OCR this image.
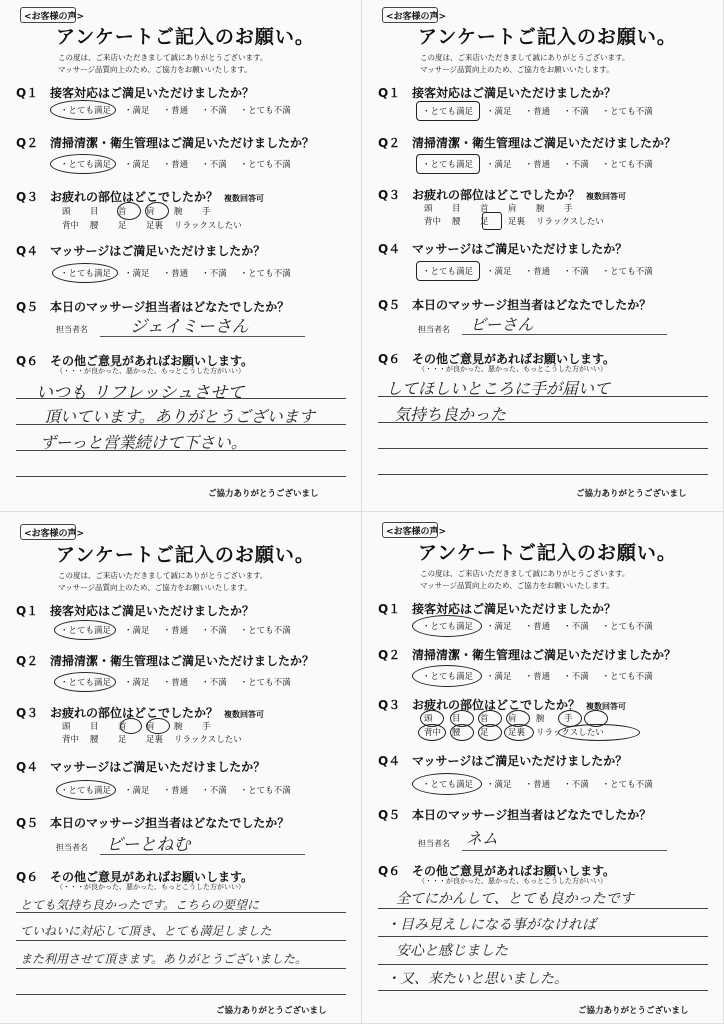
<お客様の声>
アンケートご記入のお願い。
この度は、ご来店いただきまして誠にありがとうございます。
マッサージ品質向上のため、ご協力をお願いいたします。
Q１ 接客対応はご満足いただけましたか？
・ とても満足	・ 満足	・ 普通	・ 不満	・ とても不満
Q２ 清掃清潔・衛生管理はご満足いただけましたか？
・ とても満足	・ 満足	・ 普通	・ 不満	・ とても不満
Q３ お疲れの部位はどこでしたか？ 複数回答可
頭 目 首 肩 腕 手
背中 腰 足 足裏 リラックスしたい
Q４ マッサージはご満足いただけましたか？
・ とても満足	・ 満足	・ 普通	・ 不満	・ とても不満
Q５ 本日のマッサージ担当者はどなたでしたか？
担当者名 ジェイミーさん
Q６ その他ご意見があればお願いします。
（・・・が良かった、悪かった、もっとこうした方がいい）
いつも リフレッシュさせて
頂いています。ありがとうございます
ずーっと営業続けて下さい。
ご協力ありがとうございまし
<お客様の声>
アンケートご記入のお願い。
この度は、ご来店いただきまして誠にありがとうございます。
マッサージ品質向上のため、ご協力をお願いいたします。
Q１ 接客対応はご満足いただけましたか？
・ とても満足	・ 満足	・ 普通	・ 不満	・ とても不満
Q２ 清掃清潔・衛生管理はご満足いただけましたか？
・ とても満足	・ 満足	・ 普通	・ 不満	・ とても不満
Q３ お疲れの部位はどこでしたか？ 複数回答可
頭 目 首 肩 腕 手
背中 腰 足 足裏 リラックスしたい
Q４ マッサージはご満足いただけましたか？
・ とても満足	・ 満足	・ 普通	・ 不満	・ とても不満
Q５ 本日のマッサージ担当者はどなたでしたか？
担当者名 ビーさん
Q６ その他ご意見があればお願いします。
（・・・が良かった、悪かった、もっとこうした方がいい）
してほしいところに手が届いて
気持ち良かった
ご協力ありがとうございまし
<お客様の声>
アンケートご記入のお願い。
この度は、ご来店いただきまして誠にありがとうございます。
マッサージ品質向上のため、ご協力をお願いいたします。
Q１ 接客対応はご満足いただけましたか？
・ とても満足	・ 満足	・ 普通	・ 不満	・ とても不満
Q２ 清掃清潔・衛生管理はご満足いただけましたか？
・ とても満足	・ 満足	・ 普通	・ 不満	・ とても不満
Q３ お疲れの部位はどこでしたか？ 複数回答可
頭 目 首 肩 腕 手
背中 腰 足 足裏 リラックスしたい
Q４ マッサージはご満足いただけましたか？
・ とても満足	・ 満足	・ 普通	・ 不満	・ とても不満
Q５ 本日のマッサージ担当者はどなたでしたか？
担当者名 ビーとねむ
Q６ その他ご意見があればお願いします。
（・・・が良かった、悪かった、もっとこうした方がいい）
とても気持ち良かったです。こちらの要望に
ていねいに対応して頂き、とても満足しました
また利用させて頂きます。ありがとうございました。
ご協力ありがとうございまし
<お客様の声>
アンケートご記入のお願い。
この度は、ご来店いただきまして誠にありがとうございます。
マッサージ品質向上のため、ご協力をお願いいたします。
Q１ 接客対応はご満足いただけましたか？
・ とても満足	・ 満足	・ 普通	・ 不満	・ とても不満
Q２ 清掃清潔・衛生管理はご満足いただけましたか？
・ とても満足	・ 満足	・ 普通	・ 不満	・ とても不満
Q３ お疲れの部位はどこでしたか？ 複数回答可
頭 目 首 肩 腕 手
背中 腰 足 足裏 リラックスしたい
Q４ マッサージはご満足いただけましたか？
・ とても満足	・ 満足	・ 普通	・ 不満	・ とても不満
Q５ 本日のマッサージ担当者はどなたでしたか？
担当者名 ネム
Q６ その他ご意見があればお願いします。
（・・・が良かった、悪かった、もっとこうした方がいい）
全てにかんして、とても良かったです
・目み見えしになる事がなければ
安心と感じました
・又、来たいと思いました。
ご協力ありがとうございまし
